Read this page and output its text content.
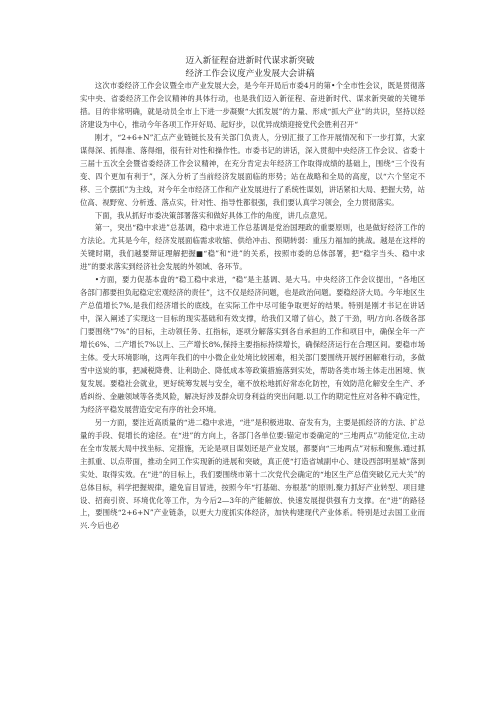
迈入新征程奋进新时代谋求新突破
经济工作会议度产业发展大会讲稿

这次市委经济工作会议暨全市产业发展大会，是今年开局后市委4月的第•个全市性会议，既是贯彻落实中央、省委经济工作会议精神的具体行动，也是我们迈入新征程、奋进新时代、谋求新突破的关键举措。目的非常明确，就是动员全市上下进一步凝聚“大抓发展”的力量、形成“抓大产业”的共识，坚持以经济建设为中心，推动今年各项工作开好局、起好步，以优异成绩迎接党代会胜利召开“

刚才，“2+6+N”汇点产业链链长及有关部门负责人，分别汇报了工作开展情况和下一步打算，大家谋得深、抓得准、落得细，很有针对性和操作性。市委书记的讲话，深入贯彻中央经济工作会议、省委十三届十五次全会暨省委经济工作会议精神，在充分肯定去年经济工作取得成绩的基础上，围绕“三个没有变、四个更加有利于”，深入分析了当前经济发展面临的形势；站在战略和全局的高度，以“六个坚定不移、三个摆抓”为主线，对今年全市经济工作和产业发展进行了系统性谋划，讲话紧扣大局、把握大势，站位高、视野宽、分析透、落点实，针对性、指导性都很强，我们要认真学习领会，全力贯彻落实。

下面，我从抓好市委决策部署落实和做好具体工作的角度，讲几点意见。

第一，突出“稳中求进”总基调，稳中求进工作总基调是党治国理政的重要原则，也是做好经济工作的方法论。尤其是今年，经济发展面临需求收缩、供给冲击、预期转弱：重压力福加的挑战。越是在这样的关键时期，我们越要辩证理解把握■“稳”和“进”的关系，按照市委的总体部署，把“稳字当头、稳中求进”的要求落实到经济社会发展的外领域、各环节。

•方面，要力促基本盘的“稳工稳中求进，“稳”是主基调、是大马。中央经济工作会议提出，“各地区各部门都要担负起稳定宏观经济的责任”，这不仅是经济问题，也是政治问题。要稳经济大局。今年地区生产总值增长7%,是我们经济增长的底线，在实际工作中尽可能争取更好的结果。特别是刚才书记在讲话中，深入阐述了实现这一目标的现实基础和有效支撑，给我们又增了信心，鼓了干劲，明/方向.各级各部门要围绕”7%”的目标，主动领任务、扛指标，逐项分解落实到各自承担的工作和项目中，确保全年一产增长6%、二产增长7%以上、三产增长8%,保持主要指标持续增长，确保经济运行在合理区间。要稳市场主体。受大环境影响，这两年我们的中小微企业处境比较困难，相关部门要围绕开展纾困解难行动，多做雪中送炭的事，把减税降费、让利助企、降低成本等政策措施落到实处，帮助各类市场主体走出困境、恢复发展。要稳社会就业，更好统筹发展与安全，毫不放松地抓好常态化防控，有效防范化解安全生产、矛盾纠纷、金融领域等各类风险，解决好涉及群众切身利益的突出问题.以工作的期定性应对各种不确定性，为经济平稳发展营造安定有序的社会环境。

另一方面，要注近高质量的“进二稳中求进，“进”是积极进取、奋发有为，主要是抓经济的方法、扩总量的手段、促增长的途径。在“进”的方向上，各部门各单位要:锚定市委确定的“三地两点”功能定位,主动在全市发展大局中找坐标、定措施，无论是项目谋划还是产业发展，都要向“三地两点”对标和聚焦.通过抓主抓重、以点带面，推动全同工作实现新的进展和突破，真正使“打造省城副中心、建设西部明星城”落到实处、取得实效。在“进”的目标上，我们要围绕市第十二次党代会确定的“地区生产总值突破亿元大关”的总体目标，科学把握规律，避免盲目冒进，按照今年“打基础、夯根基”的原则,聚力抓好产业转型、项目建设、招商引资、环境优化等工作，为今后2—3年的产能解放、快速发展提供强有力支撑。在“进”的路径上，要围绕“2+6+N”产业链条，以更大力度抓实体经济，加快构建现代产业体系。特别是过去国工业而兴.今后也必
